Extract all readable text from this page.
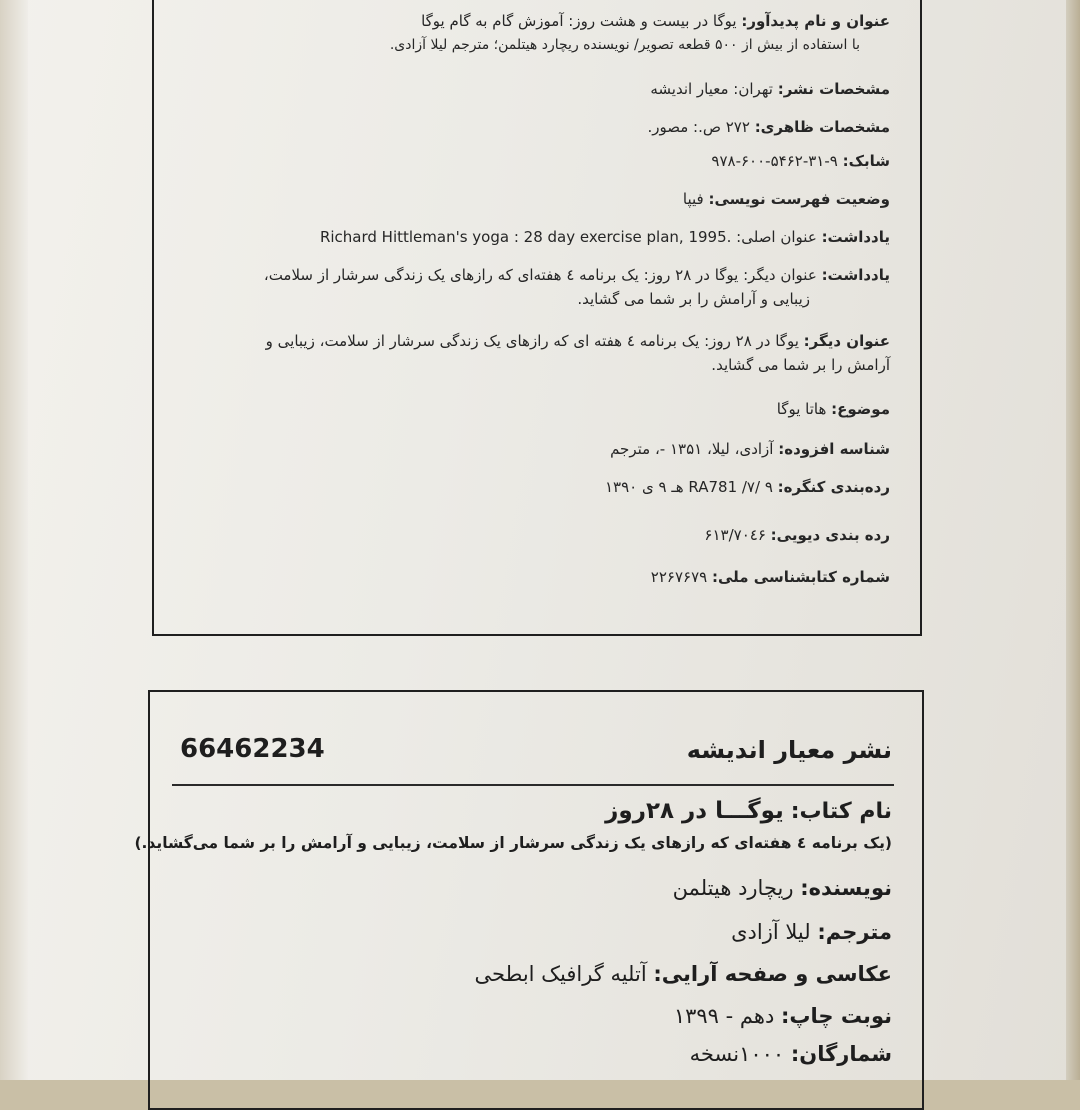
عنوان و نام پدیدآور: یوگا در بیست و هشت روز: آموزش گام به گام یوگا
با استفاده از بیش از ۵۰۰ قطعه تصویر/ نویسنده ریچارد هیتلمن؛ مترجم لیلا آزادی.
مشخصات نشر: تهران: معیار اندیشه
مشخصات ظاهری: ۲۷۲ ص.: مصور.
شابک: ۹-۳۱-۵۴۶۲-۶۰۰-۹۷۸
وضعیت فهرست نویسی: فیپا
یادداشت: عنوان اصلی: .Richard Hittleman's yoga : 28 day exercise plan, 1995
یادداشت: عنوان دیگر: یوگا در ۲۸ روز: یک برنامه ٤ هفته‌ای که رازهای یک زندگی سرشار از سلامت،
زیبایی و آرامش را بر شما می گشاید.
عنوان دیگر: یوگا در ۲۸ روز: یک برنامه ٤ هفته ای که رازهای یک زندگی سرشار از سلامت، زیبایی و
آرامش را بر شما می گشاید.
موضوع: هاتا یوگا
شناسه افزوده: آزادی، لیلا، ۱۳۵۱ -، مترجم
رده‌بندی کنگره: RA781 /۷/ ۹ هـ ۹ ی ۱۳۹۰
رده بندی دیویی: ۶۱۳/۷۰٤۶
شماره کتابشناسی ملی: ۲۲۶۷۶۷۹
نشر معیار اندیشه
66462234
نام کتاب: یوگـــا در ۲۸روز
(یک برنامه ٤ هفته‌ای که رازهای یک زندگی سرشار از سلامت، زیبایی و آرامش را بر شما می‌گشاید.)
نویسنده: ریچارد هیتلمن
مترجم: لیلا آزادی
عکاسی و صفحه آرایی: آتلیه گرافیک ابطحی
نوبت چاپ: دهم - ۱۳۹۹
شمارگان: ۱۰۰۰نسخه
